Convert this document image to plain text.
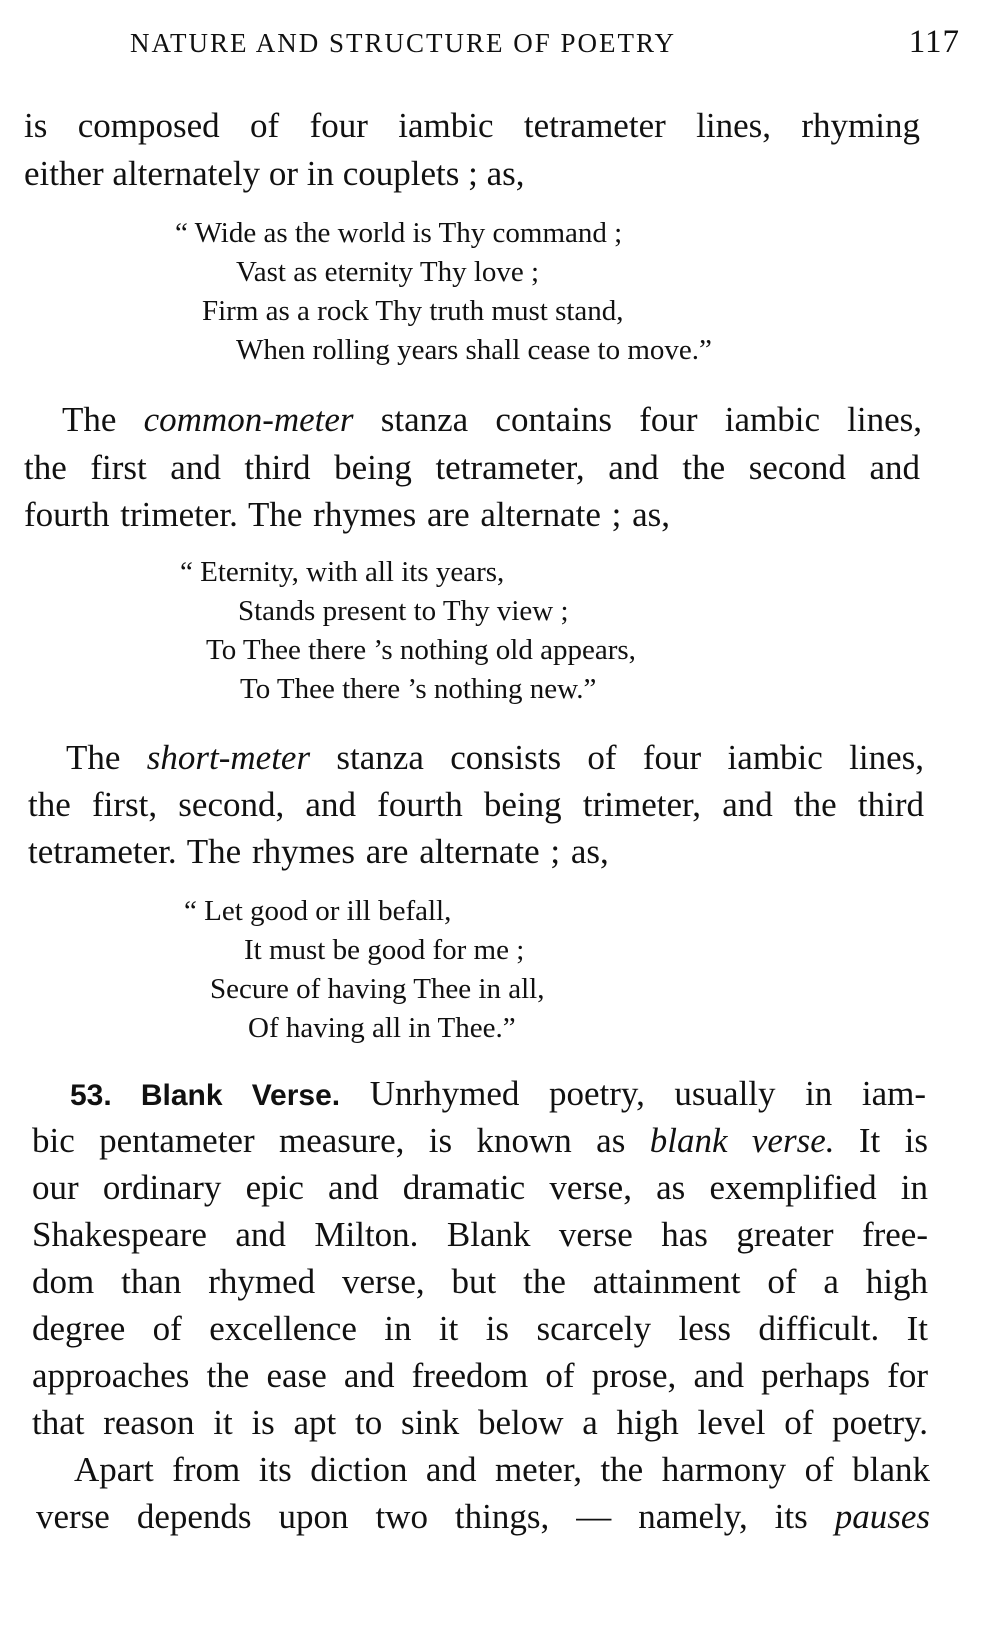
NATURE AND STRUCTURE OF POETRY	117
is composed of four iambic tetrameter lines, rhyming
either alternately or in couplets ; as,
“ Wide as the world is Thy command ;
Vast as eternity Thy love ;
Firm as a rock Thy truth must stand,
When rolling years shall cease to move.”
The common-meter stanza contains four iambic lines,
the first and third being tetrameter, and the second and
fourth trimeter. The rhymes are alternate ; as,
“ Eternity, with all its years,
Stands present to Thy view ;
To Thee there ’s nothing old appears,
To Thee there ’s nothing new.”
The short-meter stanza consists of four iambic lines,
the first, second, and fourth being trimeter, and the third
tetrameter. The rhymes are alternate ; as,
“ Let good or ill befall,
It must be good for me ;
Secure of having Thee in all,
Of having all in Thee.”
53. Blank Verse. Unrhymed poetry, usually in iam-
bic pentameter measure, is known as blank verse. It is
our ordinary epic and dramatic verse, as exemplified in
Shakespeare and Milton. Blank verse has greater free-
dom than rhymed verse, but the attainment of a high
degree of excellence in it is scarcely less difficult. It
approaches the ease and freedom of prose, and perhaps for
that reason it is apt to sink below a high level of poetry.
Apart from its diction and meter, the harmony of blank
verse depends upon two things, — namely, its pauses
